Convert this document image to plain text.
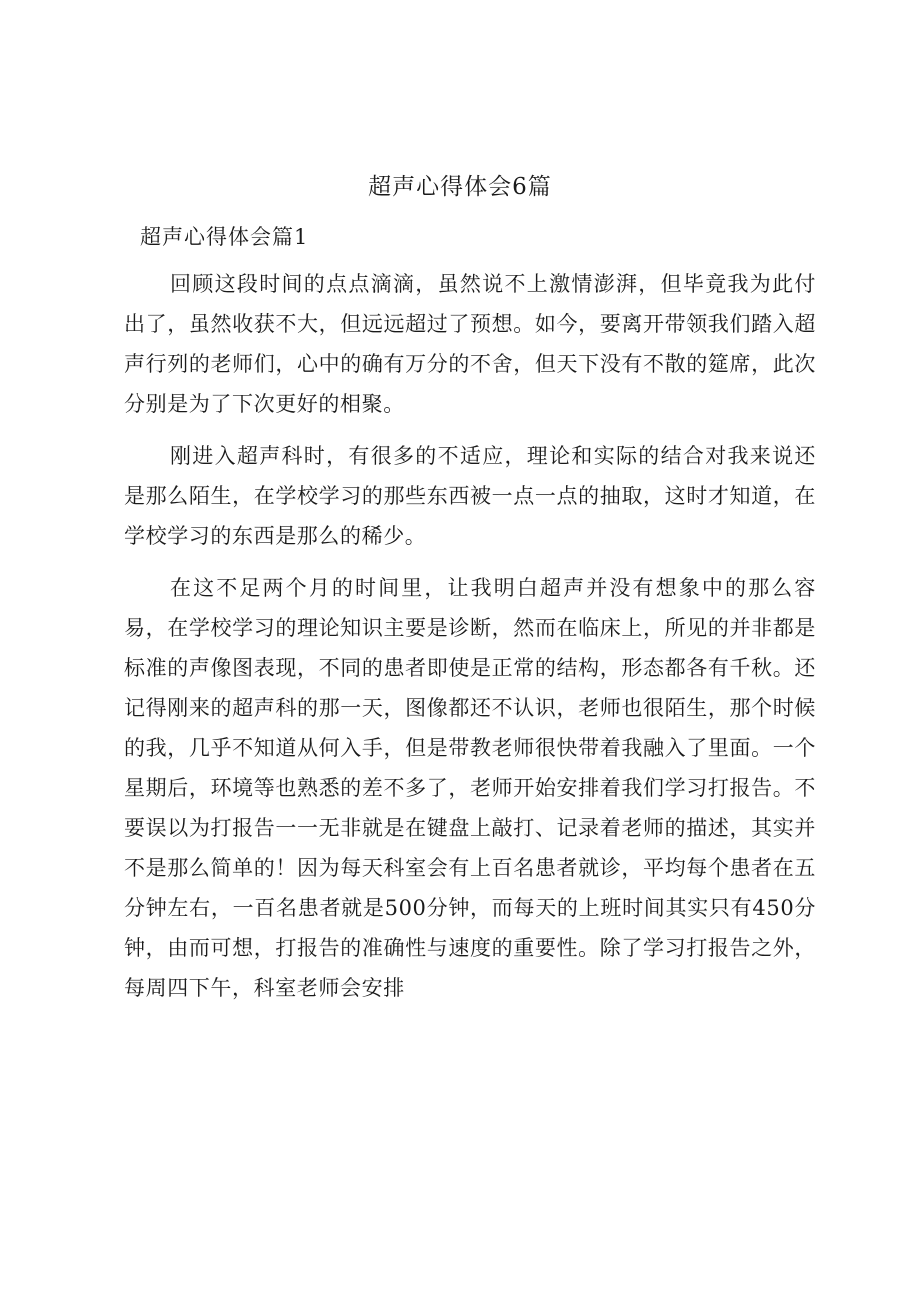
超声心得体会6篇
超声心得体会篇1

回顾这段时间的点点滴滴，虽然说不上激情澎湃，但毕竟我为此付出了，虽然收获不大，但远远超过了预想。如今，要离开带领我们踏入超声行列的老师们，心中的确有万分的不舍，但天下没有不散的筵席，此次分别是为了下次更好的相聚。

刚进入超声科时，有很多的不适应，理论和实际的结合对我来说还是那么陌生，在学校学习的那些东西被一点一点的抽取，这时才知道，在学校学习的东西是那么的稀少。

在这不足两个月的时间里，让我明白超声并没有想象中的那么容易，在学校学习的理论知识主要是诊断，然而在临床上，所见的并非都是标准的声像图表现，不同的患者即使是正常的结构，形态都各有千秋。还记得刚来的超声科的那一天，图像都还不认识，老师也很陌生，那个时候的我，几乎不知道从何入手，但是带教老师很快带着我融入了里面。一个星期后，环境等也熟悉的差不多了，老师开始安排着我们学习打报告。不要误以为打报告一一无非就是在键盘上敲打、记录着老师的描述，其实并不是那么简单的！因为每天科室会有上百名患者就诊，平均每个患者在五分钟左右，一百名患者就是500分钟，而每天的上班时间其实只有450分钟，由而可想，打报告的准确性与速度的重要性。除了学习打报告之外，每周四下午，科室老师会安排
